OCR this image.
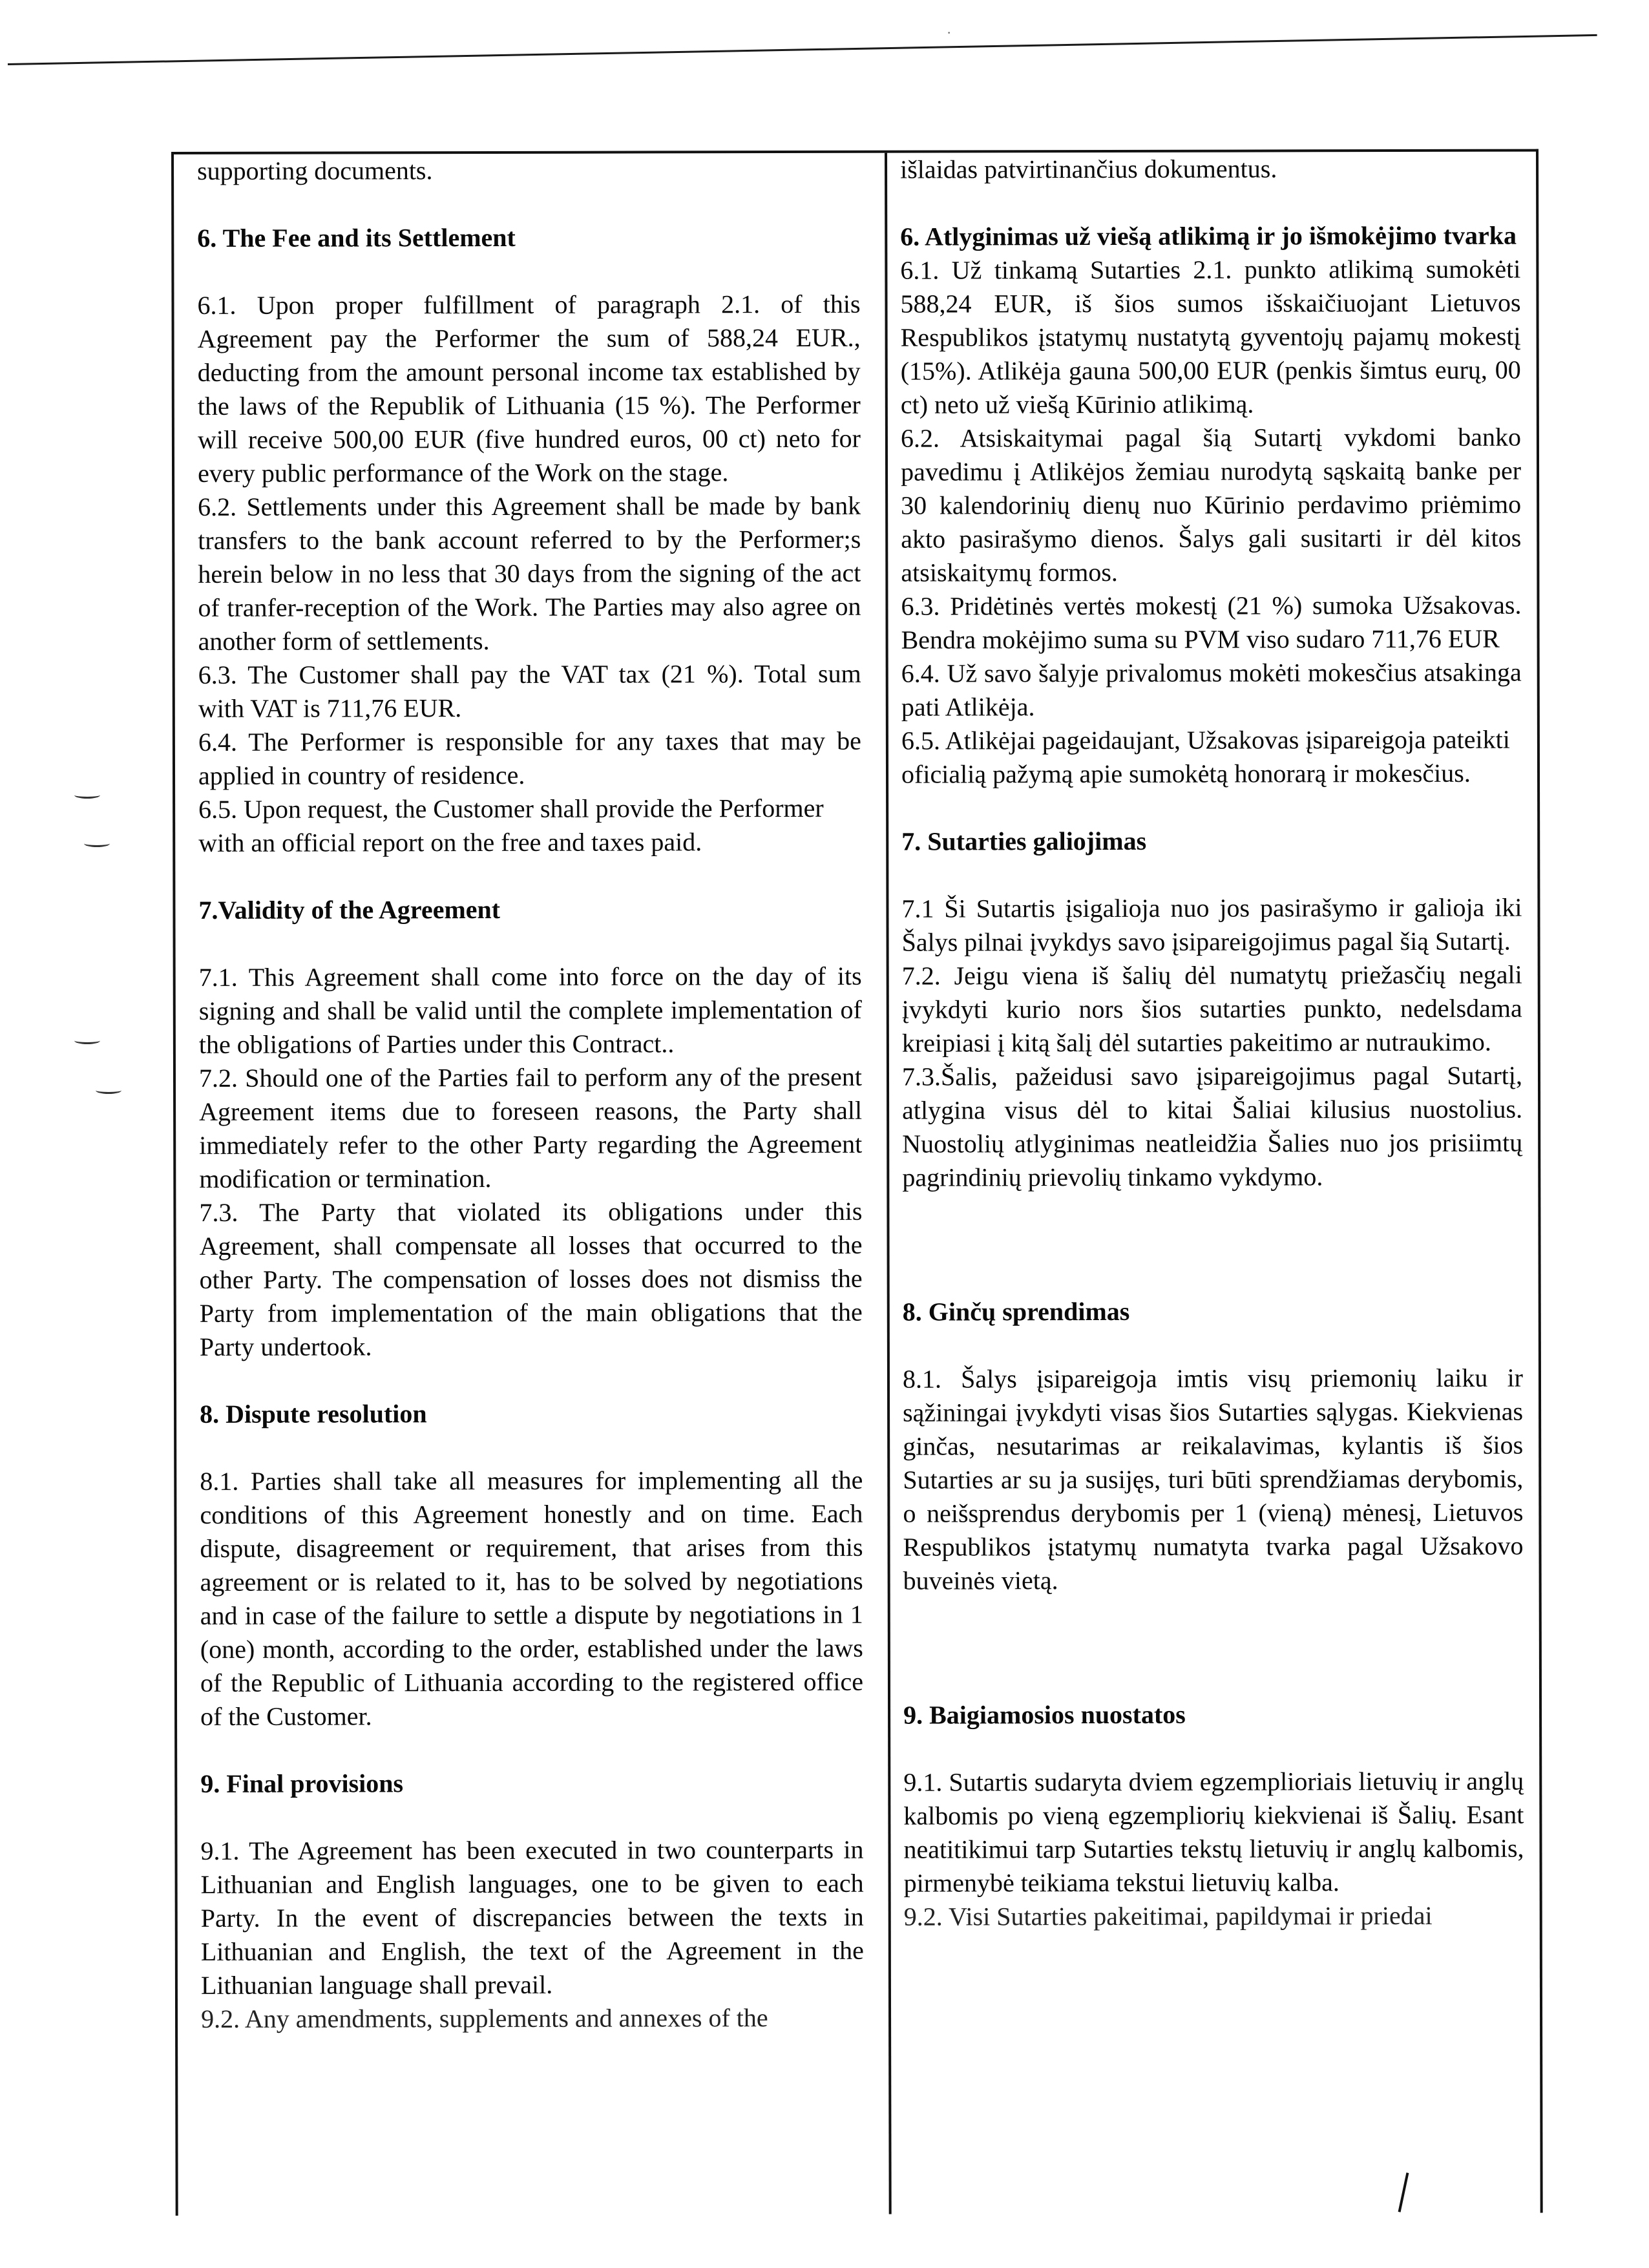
·

supporting documents.

6. The Fee and its Settlement

6.1. Upon proper fulfillment of paragraph 2.1. of this Agreement pay the Performer the sum of 588,24 EUR., deducting from the amount personal income tax established by the laws of the Republik of Lithuania (15 %). The Performer will receive 500,00 EUR (five hundred euros, 00 ct) neto for every public performance of the Work on the stage.

6.2. Settlements under this Agreement shall be made by bank transfers to the bank account referred to by the Performer;s herein below in no less that 30 days from the signing of the act of tranfer-reception of the Work. The Parties may also agree on another form of settlements.

6.3. The Customer shall pay the VAT tax (21 %). Total sum with VAT is 711,76 EUR.

6.4. The Performer is responsible for any taxes that may be applied in country of residence.

6.5. Upon request, the Customer shall provide the Performer with an official report on the free and taxes paid.

7.Validity of the Agreement

7.1. This Agreement shall come into force on the day of its signing and shall be valid until the complete implementation of the obligations of Parties under this Contract..

7.2. Should one of the Parties fail to perform any of the present Agreement items due to foreseen reasons, the Party shall immediately refer to the other Party regarding the Agreement modification or termination.

7.3. The Party that violated its obligations under this Agreement, shall compensate all losses that occurred to the other Party. The compensation of losses does not dismiss the Party from implementation of the main obligations that the Party undertook.

8. Dispute resolution

8.1. Parties shall take all measures for implementing all the conditions of this Agreement honestly and on time. Each dispute, disagreement or requirement, that arises from this agreement or is related to it, has to be solved by negotiations and in case of the failure to settle a dispute by negotiations in 1 (one) month, according to the order, established under the laws of the Republic of Lithuania according to the registered office of the Customer.

9. Final provisions

9.1. The Agreement has been executed in two counterparts in Lithuanian and English languages, one to be given to each Party. In the event of discrepancies between the texts in Lithuanian and English, the text of the Agreement in the Lithuanian language shall prevail.

9.2. Any amendments, supplements and annexes of the

išlaidas patvirtinančius dokumentus.

6. Atlyginimas už viešą atlikimą ir jo išmokėjimo tvarka

6.1. Už tinkamą Sutarties 2.1. punkto atlikimą sumokėti 588,24 EUR, iš šios sumos išskaičiuojant Lietuvos Respublikos įstatymų nustatytą gyventojų pajamų mokestį (15%). Atlikėja gauna 500,00 EUR (penkis šimtus eurų, 00 ct) neto už viešą Kūrinio atlikimą.

6.2. Atsiskaitymai pagal šią Sutartį vykdomi banko pavedimu į Atlikėjos žemiau nurodytą sąskaitą banke per 30 kalendorinių dienų nuo Kūrinio perdavimo priėmimo akto pasirašymo dienos. Šalys gali susitarti ir dėl kitos atsiskaitymų formos.

6.3. Pridėtinės vertės mokestį (21 %) sumoka Užsakovas. Bendra mokėjimo suma su PVM viso sudaro 711,76 EUR

6.4. Už savo šalyje privalomus mokėti mokesčius atsakinga pati Atlikėja.

6.5. Atlikėjai pageidaujant, Užsakovas įsipareigoja pateikti oficialią pažymą apie sumokėtą honorarą ir mokesčius.

7. Sutarties galiojimas

7.1 Ši Sutartis įsigalioja nuo jos pasirašymo ir galioja iki Šalys pilnai įvykdys savo įsipareigojimus pagal šią Sutartį.

7.2. Jeigu viena iš šalių dėl numatytų priežasčių negali įvykdyti kurio nors šios sutarties punkto, nedelsdama kreipiasi į kitą šalį dėl sutarties pakeitimo ar nutraukimo.

7.3.Šalis, pažeidusi savo įsipareigojimus pagal Sutartį, atlygina visus dėl to kitai Šaliai kilusius nuostolius. Nuostolių atlyginimas neatleidžia Šalies nuo jos prisiimtų pagrindinių prievolių tinkamo vykdymo.

8. Ginčų sprendimas

8.1. Šalys įsipareigoja imtis visų priemonių laiku ir sąžiningai įvykdyti visas šios Sutarties sąlygas. Kiekvienas ginčas, nesutarimas ar reikalavimas, kylantis iš šios Sutarties ar su ja susijęs, turi būti sprendžiamas derybomis, o neišsprendus derybomis per 1 (vieną) mėnesį, Lietuvos Respublikos įstatymų numatyta tvarka pagal Užsakovo buveinės vietą.

9. Baigiamosios nuostatos

9.1. Sutartis sudaryta dviem egzemplioriais lietuvių ir anglų kalbomis po vieną egzempliorių kiekvienai iš Šalių. Esant neatitikimui tarp Sutarties tekstų lietuvių ir anglų kalbomis, pirmenybė teikiama tekstui lietuvių kalba.

9.2. Visi Sutarties pakeitimai, papildymai ir priedai
